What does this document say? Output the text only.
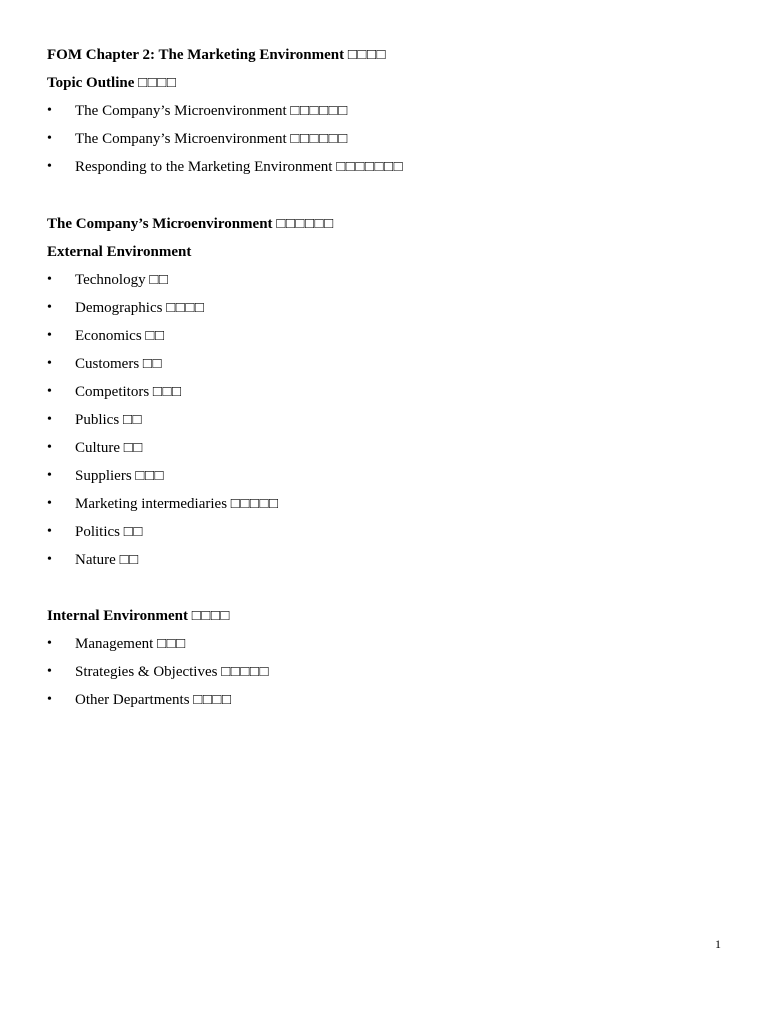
FOM Chapter 2: The Marketing Environment □□□□
Topic Outline □□□□
•	The Company’s Microenvironment □□□□□□
•	The Company’s Microenvironment □□□□□□
•	Responding to the Marketing Environment □□□□□□□
The Company’s Microenvironment □□□□□□
External Environment
•	Technology □□
•	Demographics □□□□
•	Economics □□
•	Customers □□
•	Competitors □□□
•	Publics □□
•	Culture □□
•	Suppliers □□□
•	Marketing intermediaries □□□□□
•	Politics □□
•	Nature □□
Internal Environment □□□□
•	Management □□□
•	Strategies & Objectives □□□□□
•	Other Departments □□□□
1
